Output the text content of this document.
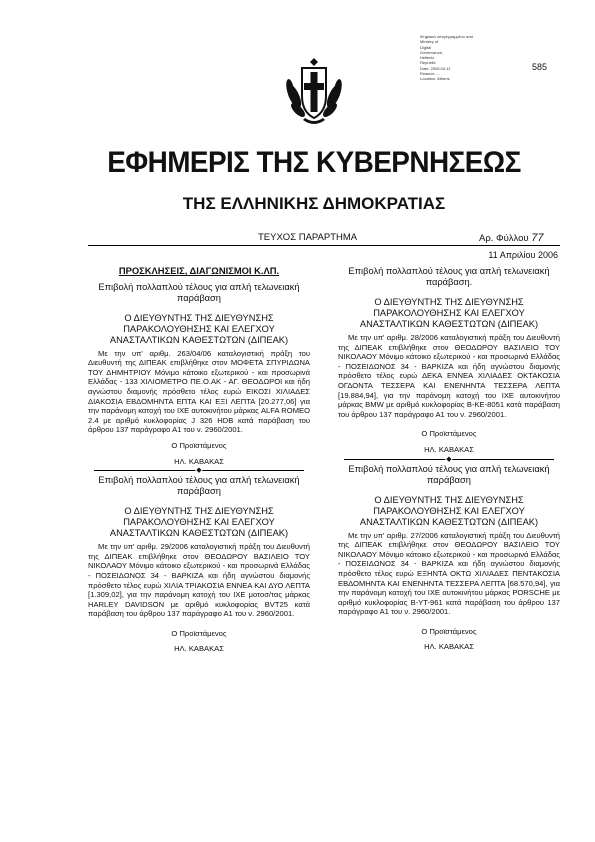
Ψηφιακά υπογεγραμμένο από
Ministry of
Digital
Governance,
Hellenic
Republic
Date: 2006.04.11
Reason: ...
Location: Athens
585
ΕΦΗΜΕΡΙΣ ΤΗΣ ΚΥΒΕΡΝΗΣΕΩΣ
ΤΗΣ ΕΛΛΗΝΙΚΗΣ ΔΗΜΟΚΡΑΤΙΑΣ
ΤΕΥΧΟΣ ΠΑΡΑΡΤΗΜΑ	Αρ. Φύλλου 77
11 Απριλίου 2006

ΠΡΟΣΚΛΗΣΕΙΣ, ΔΙΑΓΩΝΙΣΜΟΙ Κ.ΛΠ.

Επιβολή πολλαπλού τέλους για απλή τελωνειακή παράβαση

Ο ΔΙΕΥΘΥΝΤΗΣ ΤΗΣ ΔΙΕΥΘΥΝΣΗΣ ΠΑΡΑΚΟΛΟΥΘΗΣΗΣ ΚΑΙ ΕΛΕΓΧΟΥ ΑΝΑΣΤΑΛΤΙΚΩΝ ΚΑΘΕΣΤΩΤΩΝ (ΔΙΠΕΑΚ)

Με την υπ' αριθμ. 263/04/06 καταλογιστική πράξη του Διευθυντή της ΔΙΠΕΑΚ επιβλήθηκε στον ΜΟΦΕΤΑ ΣΠΥΡΙΔΩΝΑ ΤΟΥ ΔΗΜΗΤΡΙΟΥ Μόνιμο κάτοικο εξωτερικού - και προσωρινά Ελλάδας - 133 ΧΙΛΙΟΜΕΤΡΟ ΠΕ.Ο.ΑΚ - ΑΓ. ΘΕΟΔΩΡΟΙ και ήδη αγνώστου διαμονής πρόσθετο τέλος ευρώ ΕΙΚΟΣΙ ΧΙΛΙΑΔΕΣ ΔΙΑΚΟΣΙΑ ΕΒΔΟΜΗΝΤΑ ΕΠΤΑ ΚΑΙ ΕΞΙ ΛΕΠΤΑ [20.277,06] για την παράνομη κατοχή του ΙΧΕ αυτοκινήτου μάρκας ALFA ROMEO 2.4 με αριθμό κυκλοφορίας J 326 HDB κατά παράβαση του άρθρου 137 παράγραφο Α1 του ν. 2960/2001.

Ο Προϊστάμενος

ΗΛ. ΚΑΒΑΚΑΣ

◆

Επιβολή πολλαπλού τέλους για απλή τελωνειακή παράβαση

Ο ΔΙΕΥΘΥΝΤΗΣ ΤΗΣ ΔΙΕΥΘΥΝΣΗΣ ΠΑΡΑΚΟΛΟΥΘΗΣΗΣ ΚΑΙ ΕΛΕΓΧΟΥ ΑΝΑΣΤΑΛΤΙΚΩΝ ΚΑΘΕΣΤΩΤΩΝ (ΔΙΠΕΑΚ)

Με την υπ' αριθμ. 29/2006 καταλογιστική πράξη του Διευθυντή της ΔΙΠΕΑΚ επιβλήθηκε στον ΘΕΟΔΩΡΟΥ ΒΑΣΙΛΕΙΟ ΤΟΥ ΝΙΚΟΛΑΟΥ Μόνιμο κάτοικο εξωτερικού - και προσωρινά Ελλάδας - ΠΟΣΕΙΔΩΝΟΣ 34 - ΒΑΡΚΙΖΑ και ήδη αγνώστου διαμονής πρόσθετο τέλος ευρώ ΧΙΛΙΑ ΤΡΙΑΚΟΣΙΑ ΕΝΝΕΑ ΚΑΙ ΔΥΟ ΛΕΠΤΑ [1.309,02], για την παράνομη κατοχή του ΙΧΕ μοτοσ/τας μάρκας HARLEY DAVIDSON με αριθμό κυκλοφορίας BVT25 κατά παράβαση του άρθρου 137 παράγραφο Α1 του ν. 2960/2001.

Ο Προϊστάμενος

ΗΛ. ΚΑΒΑΚΑΣ

Επιβολή πολλαπλού τέλους για απλή τελωνειακή παράβαση.

Ο ΔΙΕΥΘΥΝΤΗΣ ΤΗΣ ΔΙΕΥΘΥΝΣΗΣ ΠΑΡΑΚΟΛΟΥΘΗΣΗΣ ΚΑΙ ΕΛΕΓΧΟΥ ΑΝΑΣΤΑΛΤΙΚΩΝ ΚΑΘΕΣΤΩΤΩΝ (ΔΙΠΕΑΚ)

Με την υπ' αριθμ. 28/2006 καταλογιστική πράξη του Διευθυντή της ΔΙΠΕΑΚ επιβλήθηκε στον ΘΕΟΔΩΡΟΥ ΒΑΣΙΛΕΙΟ ΤΟΥ ΝΙΚΟΛΑΟΥ Μόνιμο κάτοικο εξωτερικού - και προσωρινά Ελλάδας - ΠΟΣΕΙΔΩΝΟΣ 34 - ΒΑΡΚΙΖΑ και ήδη αγνώστου διαμονής πρόσθετο τέλος ευρώ ΔΕΚΑ ΕΝΝΕΑ ΧΙΛΙΑΔΕΣ ΟΚΤΑΚΟΣΙΑ ΟΓΔΟΝΤΑ ΤΕΣΣΕΡΑ ΚΑΙ ΕΝΕΝΗΝΤΑ ΤΕΣΣΕΡΑ ΛΕΠΤΑ [19.884,94], για την παράνομη κατοχή του ΙΧΕ αυτοκινήτου μάρκας BMW με αριθμό κυκλοφορίας Β-ΚΕ-8051 κατά παράβαση του άρθρου 137 παράγραφο Α1 του ν. 2960/2001.

Ο Προϊστάμενος

ΗΛ. ΚΑΒΑΚΑΣ

◆

Επιβολή πολλαπλού τέλους για απλή τελωνειακή παράβαση

Ο ΔΙΕΥΘΥΝΤΗΣ ΤΗΣ ΔΙΕΥΘΥΝΣΗΣ ΠΑΡΑΚΟΛΟΥΘΗΣΗΣ ΚΑΙ ΕΛΕΓΧΟΥ ΑΝΑΣΤΑΛΤΙΚΩΝ ΚΑΘΕΣΤΩΤΩΝ (ΔΙΠΕΑΚ)

Με την υπ' αριθμ. 27/2006 καταλογιστική πράξη του Διευθυντή της ΔΙΠΕΑΚ επιβλήθηκε στον ΘΕΟΔΩΡΟΥ ΒΑΣΙΛΕΙΟ ΤΟΥ ΝΙΚΟΛΑΟΥ Μόνιμο κάτοικο εξωτερικού - και προσωρινά Ελλάδας - ΠΟΣΕΙΔΩΝΟΣ 34 - ΒΑΡΚΙΖΑ και ήδη αγνώστου διαμονής πρόσθετο τέλος ευρώ ΕΞΗΝΤΑ ΟΚΤΩ ΧΙΛΙΑΔΕΣ ΠΕΝΤΑΚΟΣΙΑ ΕΒΔΟΜΗΝΤΑ ΚΑΙ ΕΝΕΝΗΝΤΑ ΤΕΣΣΕΡΑ ΛΕΠΤΑ [68.570,94], για την παράνομη κατοχή του ΙΧΕ αυτοκινήτου μάρκας PORSCHE με αριθμό κυκλοφορίας B-YT-961 κατά παράβαση του άρθρου 137 παράγραφο Α1 του ν. 2960/2001.

Ο Προϊστάμενος

ΗΛ. ΚΑΒΑΚΑΣ
